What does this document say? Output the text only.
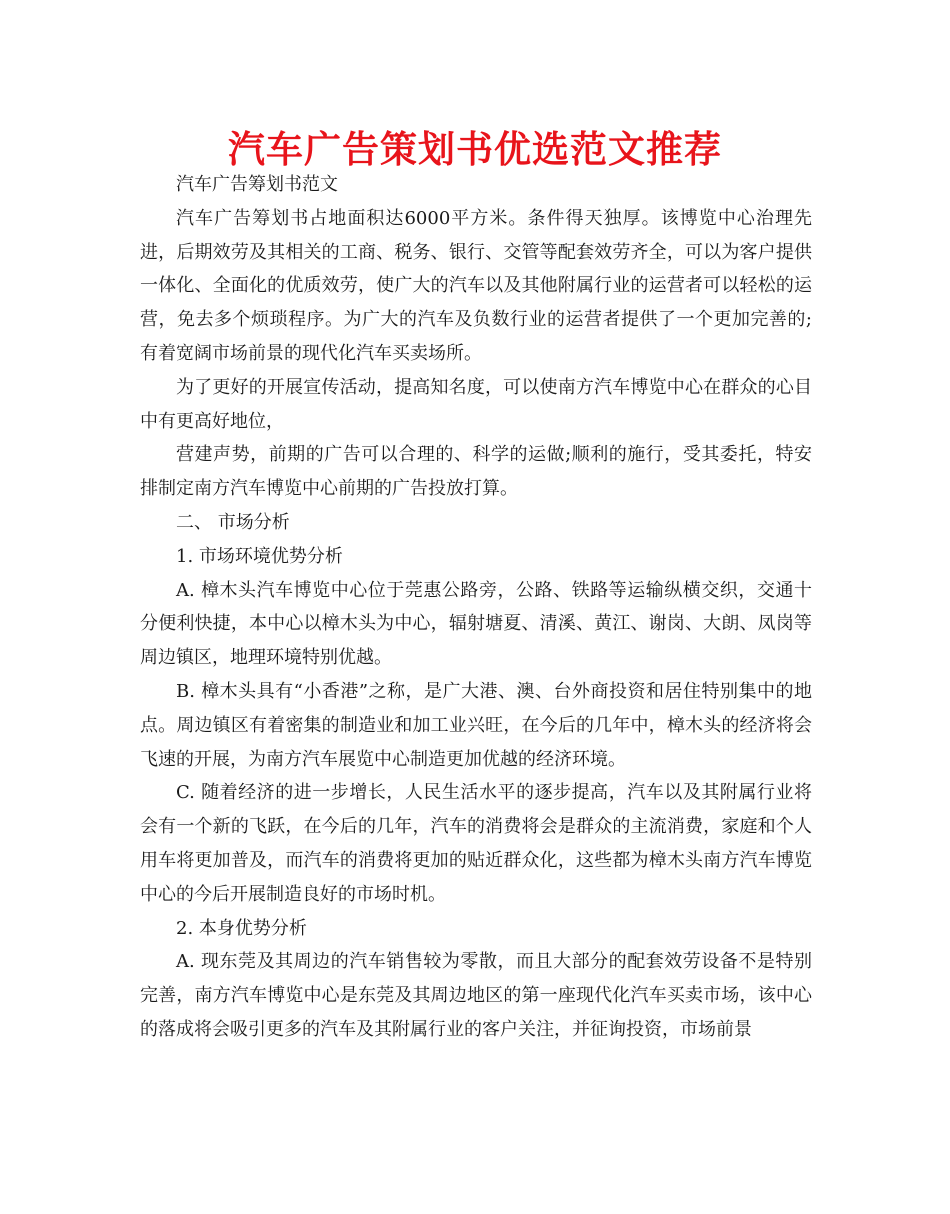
汽车广告策划书优选范文推荐

汽车广告筹划书范文

汽车广告筹划书占地面积达6000平方米。条件得天独厚。该博览中心治理先进，后期效劳及其相关的工商、税务、银行、交管等配套效劳齐全，可以为客户提供一体化、全面化的优质效劳，使广大的汽车以及其他附属行业的运营者可以轻松的运营，免去多个烦琐程序。为广大的汽车及负数行业的运营者提供了一个更加完善的;有着宽阔市场前景的现代化汽车买卖场所。

为了更好的开展宣传活动，提高知名度，可以使南方汽车博览中心在群众的心目中有更高好地位，

营建声势，前期的广告可以合理的、科学的运做;顺利的施行，受其委托，特安排制定南方汽车博览中心前期的广告投放打算。

二、 市场分析

1. 市场环境优势分析

A. 樟木头汽车博览中心位于莞惠公路旁，公路、铁路等运输纵横交织，交通十分便利快捷，本中心以樟木头为中心，辐射塘夏、清溪、黄江、谢岗、大朗、凤岗等周边镇区，地理环境特别优越。

B. 樟木头具有“小香港”之称，是广大港、澳、台外商投资和居住特别集中的地点。周边镇区有着密集的制造业和加工业兴旺，在今后的几年中，樟木头的经济将会飞速的开展，为南方汽车展览中心制造更加优越的经济环境。

C. 随着经济的进一步增长，人民生活水平的逐步提高，汽车以及其附属行业将会有一个新的飞跃，在今后的几年，汽车的消费将会是群众的主流消费，家庭和个人用车将更加普及，而汽车的消费将更加的贴近群众化，这些都为樟木头南方汽车博览中心的今后开展制造良好的市场时机。

2. 本身优势分析

A. 现东莞及其周边的汽车销售较为零散，而且大部分的配套效劳设备不是特别完善，南方汽车博览中心是东莞及其周边地区的第一座现代化汽车买卖市场，该中心的落成将会吸引更多的汽车及其附属行业的客户关注，并征询投资，市场前景
